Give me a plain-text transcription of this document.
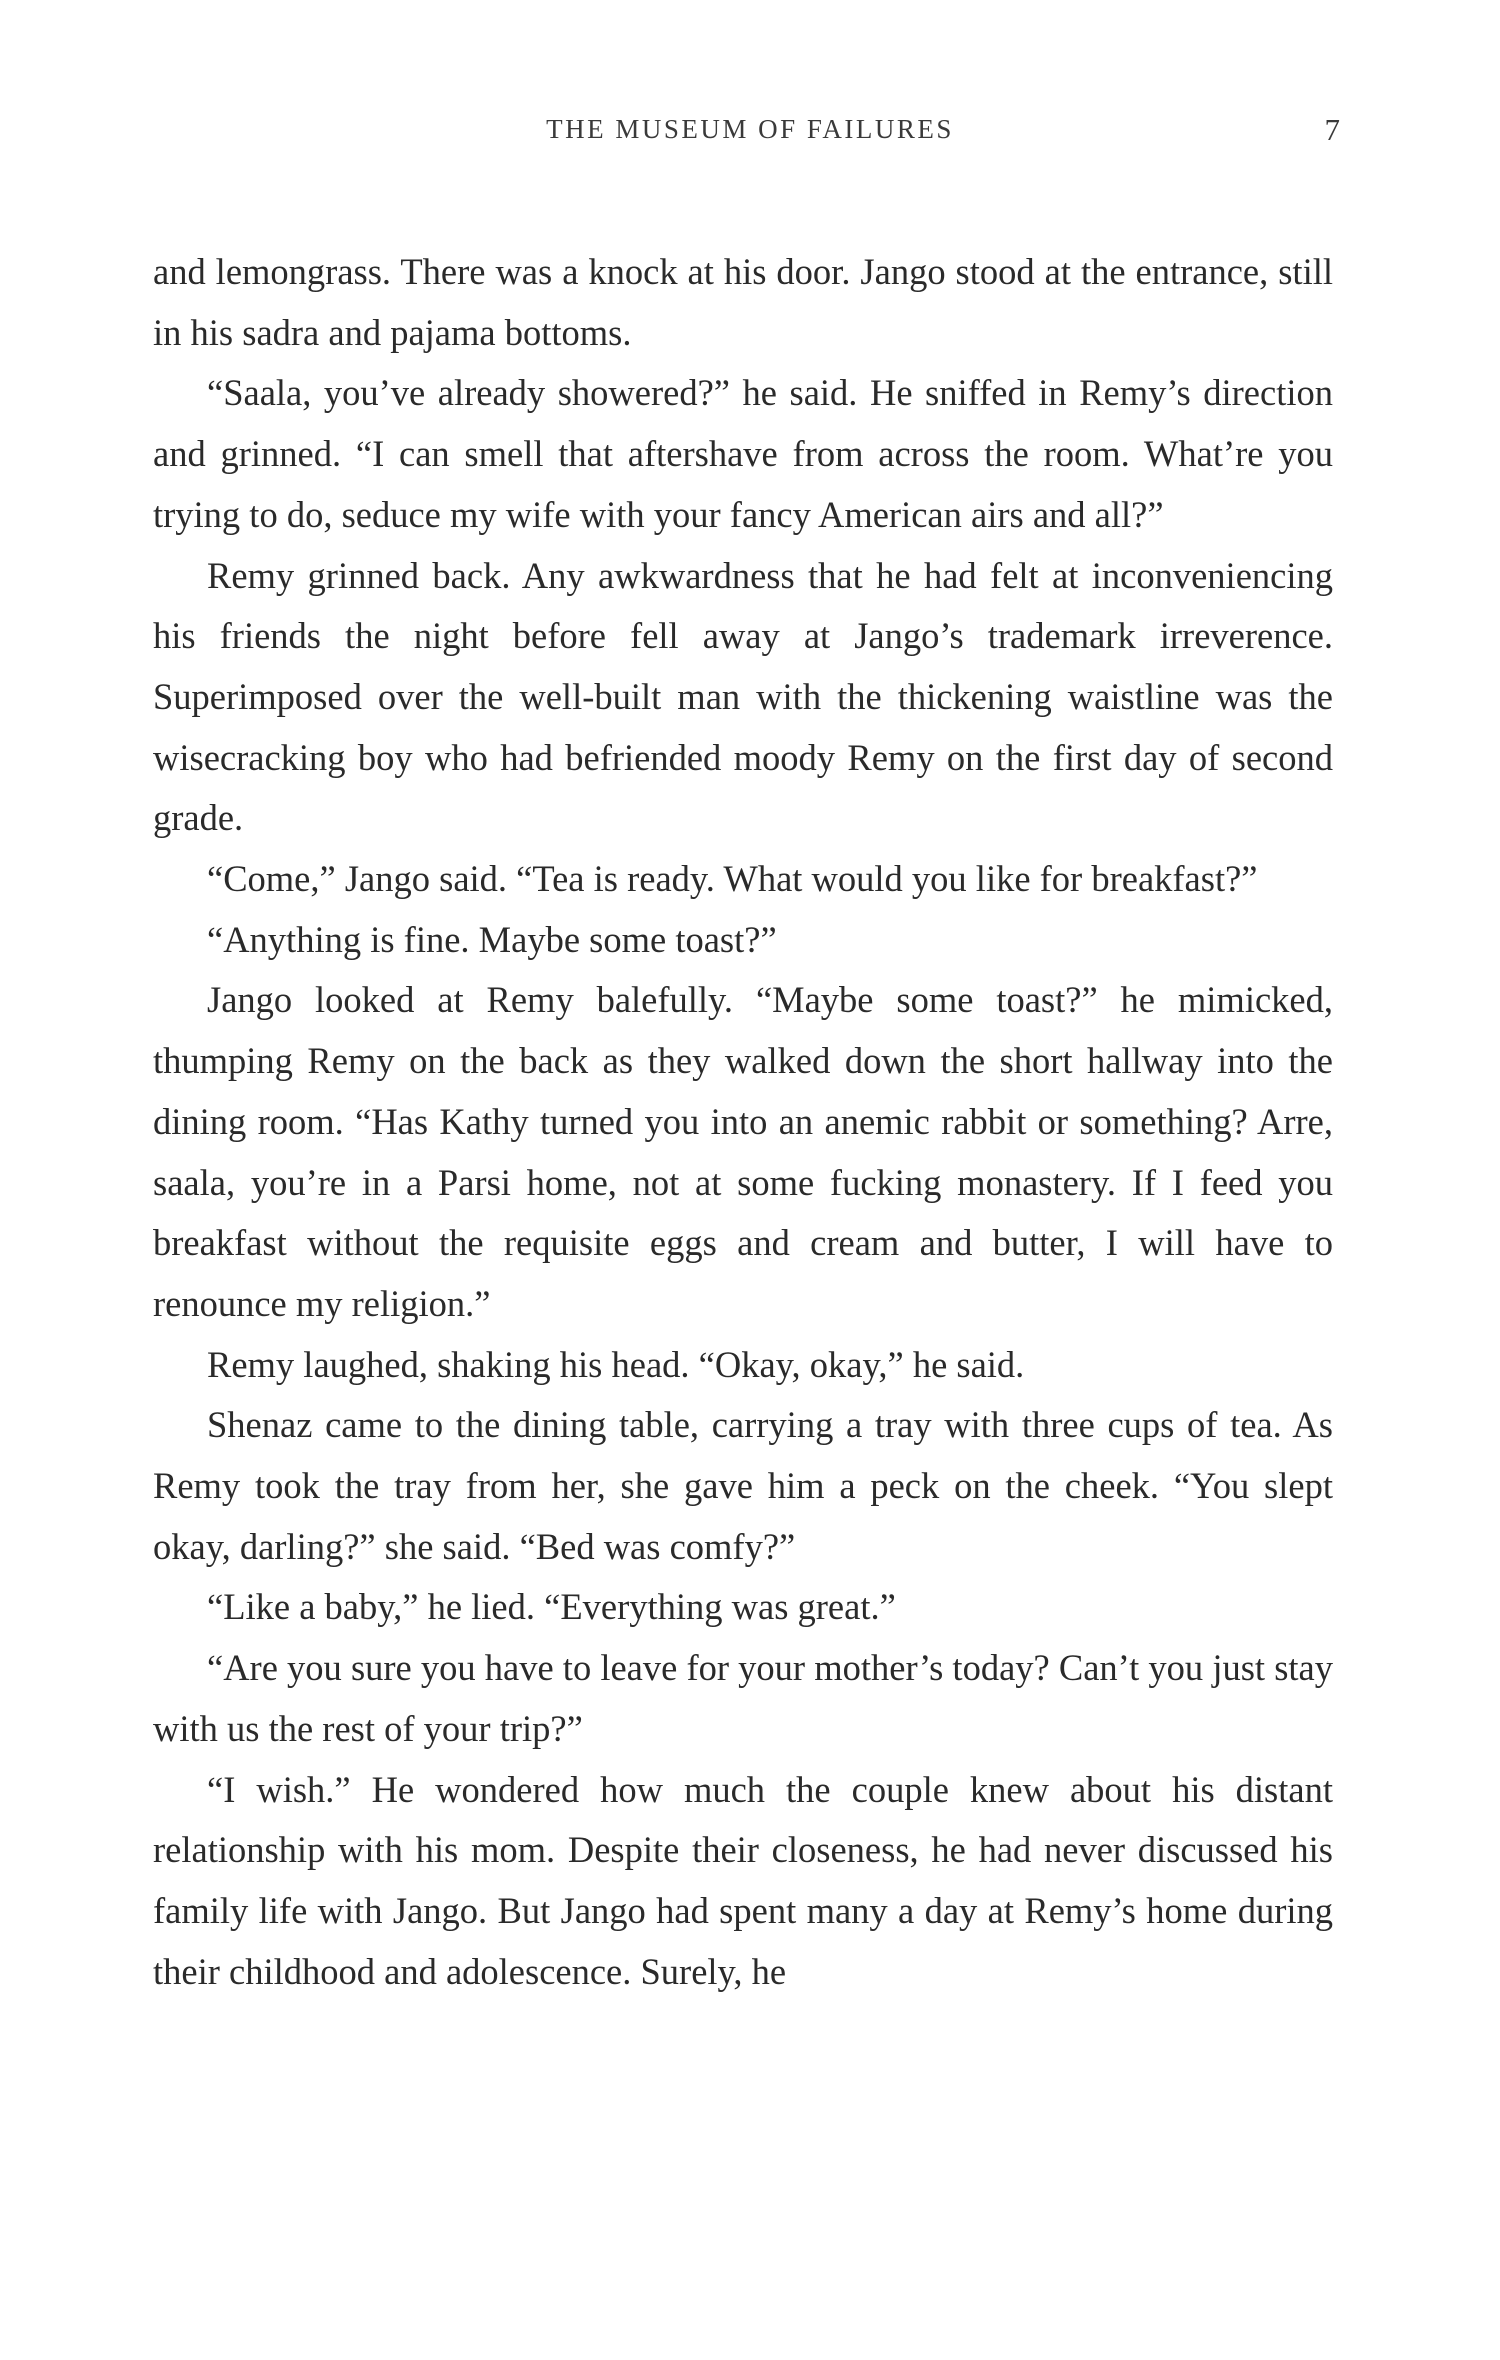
THE MUSEUM OF FAILURES	7

and lemongrass. There was a knock at his door. Jango stood at the entrance, still in his sadra and pajama bottoms.

“Saala, you’ve already showered?” he said. He sniffed in Remy’s direction and grinned. “I can smell that aftershave from across the room. What’re you trying to do, seduce my wife with your fancy American airs and all?”

Remy grinned back. Any awkwardness that he had felt at inconveniencing his friends the night before fell away at Jango’s trademark irreverence. Superimposed over the well-built man with the thickening waistline was the wisecracking boy who had befriended moody Remy on the first day of second grade.

“Come,” Jango said. “Tea is ready. What would you like for breakfast?”

“Anything is fine. Maybe some toast?”

Jango looked at Remy balefully. “Maybe some toast?” he mimicked, thumping Remy on the back as they walked down the short hallway into the dining room. “Has Kathy turned you into an anemic rabbit or something? Arre, saala, you’re in a Parsi home, not at some fucking monastery. If I feed you breakfast without the requisite eggs and cream and butter, I will have to renounce my religion.”

Remy laughed, shaking his head. “Okay, okay,” he said.

Shenaz came to the dining table, carrying a tray with three cups of tea. As Remy took the tray from her, she gave him a peck on the cheek. “You slept okay, darling?” she said. “Bed was comfy?”

“Like a baby,” he lied. “Everything was great.”

“Are you sure you have to leave for your mother’s today? Can’t you just stay with us the rest of your trip?”

“I wish.” He wondered how much the couple knew about his distant relationship with his mom. Despite their closeness, he had never discussed his family life with Jango. But Jango had spent many a day at Remy’s home during their childhood and adolescence. Surely, he
